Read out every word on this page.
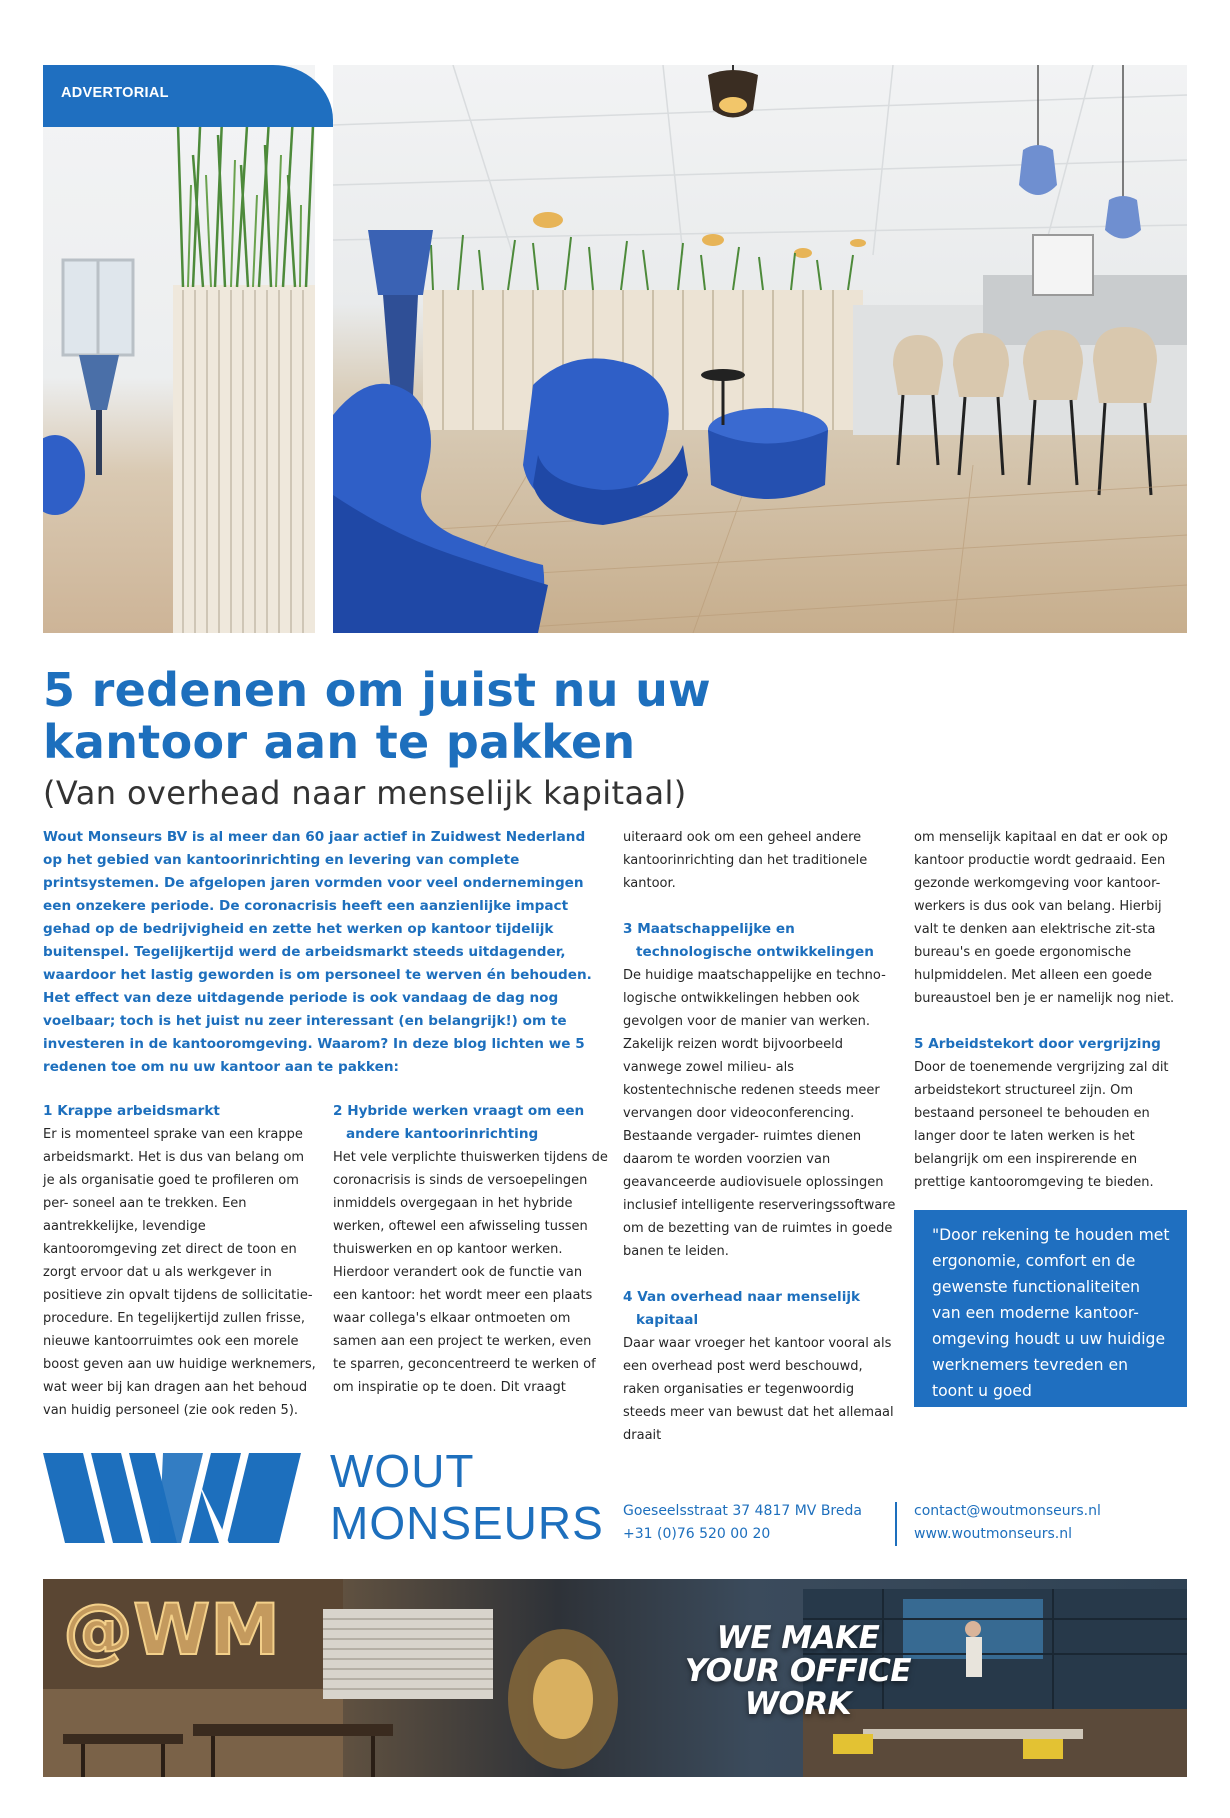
ADVERTORIAL
5 redenen om juist nu uw
kantoor aan te pakken
(Van overhead naar menselijk kapitaal)

Wout Monseurs BV is al meer dan 60 jaar actief in Zuidwest Nederland op het gebied van kantoorinrichting en levering van complete printsystemen. De afgelopen jaren vormden voor veel ondernemingen een onzekere periode. De coronacrisis heeft een aanzienlijke impact gehad op de bedrijvigheid en zette het werken op kantoor tijdelijk buitenspel. Tegelijkertijd werd de arbeidsmarkt steeds uitdagender, waardoor het lastig geworden is om personeel te werven én behouden. Het effect van deze uitdagende periode is ook vandaag de dag nog voelbaar; toch is het juist nu zeer interessant (en belangrijk!) om te investeren in de kantooromgeving. Waarom? In deze blog lichten we 5 redenen toe om nu uw kantoor aan te pakken:

1 Krappe arbeidsmarkt

Er is momenteel sprake van een krappe arbeidsmarkt. Het is dus van belang om je als organisatie goed te profileren om per- soneel aan te trekken. Een aantrekkelijke, levendige kantooromgeving zet direct de toon en zorgt ervoor dat u als werkgever in positieve zin opvalt tijdens de sollicitatie- procedure. En tegelijkertijd zullen frisse, nieuwe kantoorruimtes ook een morele boost geven aan uw huidige werknemers, wat weer bij kan dragen aan het behoud van huidig personeel (zie ook reden 5).

2 Hybride werken vraagt om een
andere kantoorinrichting

Het vele verplichte thuiswerken tijdens de coronacrisis is sinds de versoepelingen inmiddels overgegaan in het hybride werken, oftewel een afwisseling tussen thuiswerken en op kantoor werken. Hierdoor verandert ook de functie van een kantoor: het wordt meer een plaats waar collega's elkaar ontmoeten om samen aan een project te werken, even te sparren, geconcentreerd te werken of om inspiratie op te doen. Dit vraagt

uiteraard ook om een geheel andere kantoorinrichting dan het traditionele kantoor.

3 Maatschappelijke en
technologische ontwikkelingen

De huidige maatschappelijke en techno- logische ontwikkelingen hebben ook gevolgen voor de manier van werken. Zakelijk reizen wordt bijvoorbeeld vanwege zowel milieu- als kostentechnische redenen steeds meer vervangen door videoconferencing. Bestaande vergader- ruimtes dienen daarom te worden voorzien van geavanceerde audiovisuele oplossingen inclusief intelligente reserveringssoftware om de bezetting van de ruimtes in goede banen te leiden.

4 Van overhead naar menselijk
kapitaal

Daar waar vroeger het kantoor vooral als een overhead post werd beschouwd, raken organisaties er tegenwoordig steeds meer van bewust dat het allemaal draait

om menselijk kapitaal en dat er ook op kantoor productie wordt gedraaid. Een gezonde werkomgeving voor kantoor- werkers is dus ook van belang. Hierbij valt te denken aan elektrische zit-sta bureau's en goede ergonomische hulpmiddelen. Met alleen een goede bureaustoel ben je er namelijk nog niet.

5 Arbeidstekort door vergrijzing

Door de toenemende vergrijzing zal dit arbeidstekort structureel zijn. Om bestaand personeel te behouden en langer door te laten werken is het belangrijk om een inspirerende en prettige kantooromgeving te bieden.

"Door rekening te houden met ergonomie, comfort en de gewenste functionaliteiten van een moderne kantoor- omgeving houdt u uw huidige werknemers tevreden en toont u goed werkgeverschap."
WOUT
MONSEURS Goeseelsstraat 37 4817 MV Breda
+31 (0)76 520 00 20
contact@woutmonseurs.nl
www.woutmonseurs.nl
@WM	WE MAKE
YOUR OFFICE
WORK
